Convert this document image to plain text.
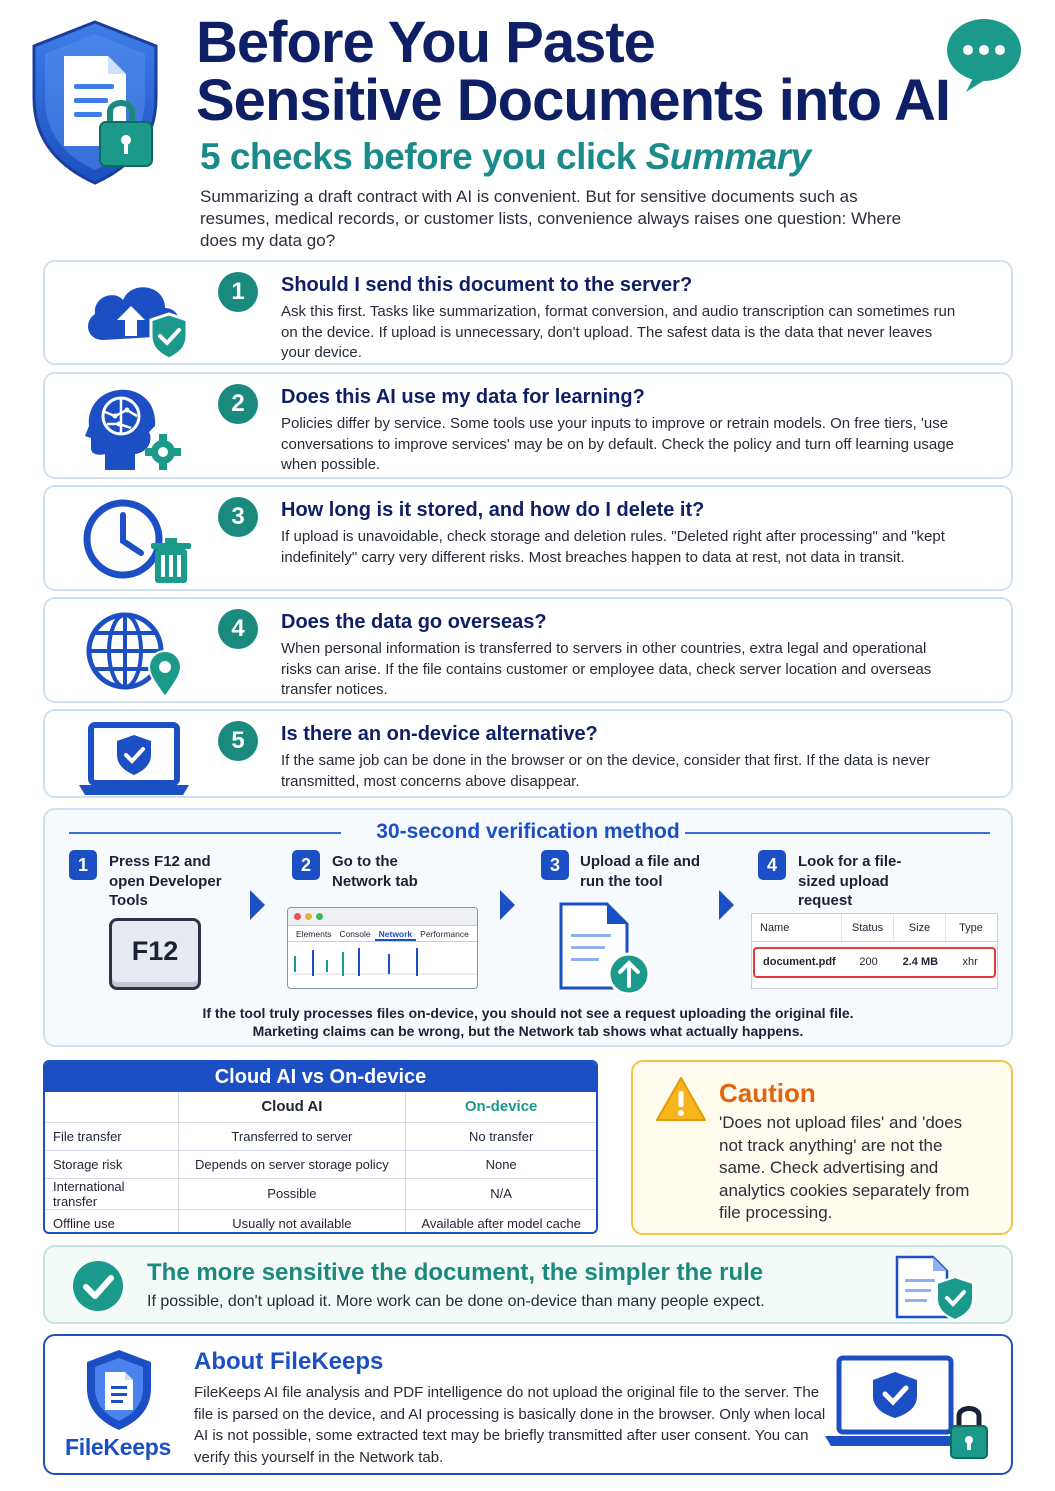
Before You Paste
Sensitive Documents into AI
5 checks before you click Summary
Summarizing a draft contract with AI is convenient. But for sensitive documents such as resumes, medical records, or customer lists, convenience always raises one question: Where does my data go?
1	Should I send this document to the server?
Ask this first. Tasks like summarization, format conversion, and audio transcription can sometimes run on the device. If upload is unnecessary, don't upload. The safest data is the data that never leaves your device.
2	Does this AI use my data for learning?
Policies differ by service. Some tools use your inputs to improve or retrain models. On free tiers, 'use conversations to improve services' may be on by default. Check the policy and turn off learning usage when possible.
3	How long is it stored, and how do I delete it?
If upload is unavoidable, check storage and deletion rules. "Deleted right after processing" and "kept indefinitely" carry very different risks. Most breaches happen to data at rest, not data in transit.
4	Does the data go overseas?
When personal information is transferred to servers in other countries, extra legal and operational risks can arise. If the file contains customer or employee data, check server location and overseas transfer notices.
5	Is there an on-device alternative?
If the same job can be done in the browser or on the device, consider that first. If the data is never transmitted, most concerns above disappear.
30-second verification method
1	Press F12 and open Developer Tools
2	Go to the Network tab
3	Upload a file and run the tool
4	Look for a file-sized upload request
F12
Elements Console Network Performance	Name	Status	Size	Type
document.pdf	200	2.4 MB	xhr
If the tool truly processes files on-device, you should not see a request uploading the original file.
Marketing claims can be wrong, but the Network tab shows what actually happens.
Cloud AI vs On-device
	Cloud AI	On-device
File transfer	Transferred to server	No transfer
Storage risk	Depends on server storage policy	None
International transfer	Possible	N/A
Offline use	Usually not available	Available after model cache
Caution
'Does not upload files' and 'does not track anything' are not the same. Check advertising and analytics cookies separately from file processing.
The more sensitive the document, the simpler the rule
If possible, don't upload it. More work can be done on-device than many people expect.
FileKeeps
About FileKeeps
FileKeeps AI file analysis and PDF intelligence do not upload the original file to the server. The file is parsed on the device, and AI processing is basically done in the browser. Only when local AI is not possible, some extracted text may be briefly transmitted after user consent. You can verify this yourself in the Network tab.
